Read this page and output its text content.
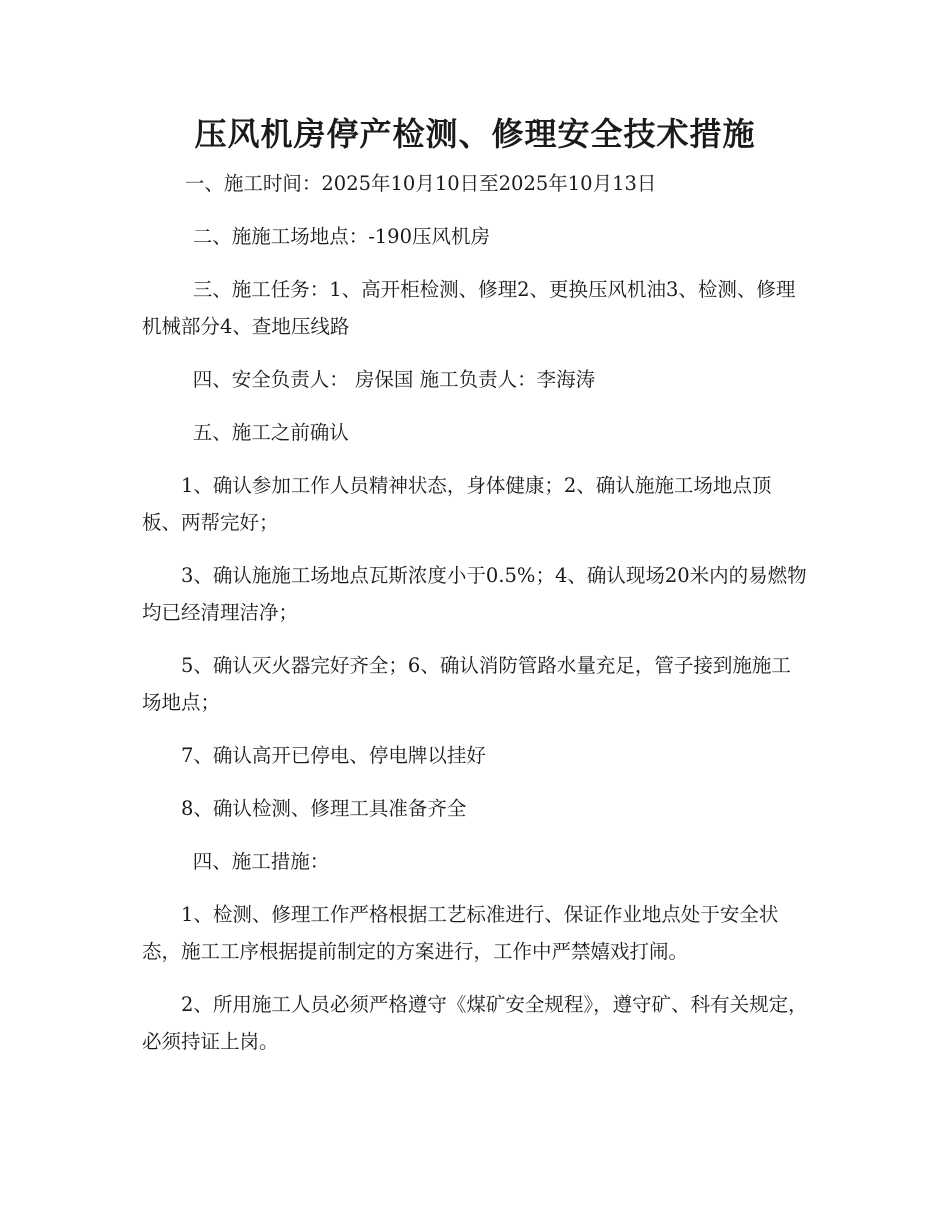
压风机房停产检测、修理安全技术措施

一、施工时间：2025年10月10日至2025年10月13日

二、施施工场地点：-190压风机房

三、施工任务：1、高开柜检测、修理2、更换压风机油3、检测、修理机械部分4、查地压线路

四、安全负责人： 房保国 施工负责人：李海涛

五、施工之前确认

1、确认参加工作人员精神状态，身体健康；2、确认施施工场地点顶板、两帮完好；

3、确认施施工场地点瓦斯浓度小于0.5%；4、确认现场20米内的易燃物均已经清理洁净；

5、确认灭火器完好齐全；6、确认消防管路水量充足，管子接到施施工场地点；

7、确认高开已停电、停电牌以挂好

8、确认检测、修理工具准备齐全

四、施工措施：

1、检测、修理工作严格根据工艺标准进行、保证作业地点处于安全状态，施工工序根据提前制定的方案进行，工作中严禁嬉戏打闹。

2、所用施工人员必须严格遵守《煤矿安全规程》，遵守矿、科有关规定，必须持证上岗。
